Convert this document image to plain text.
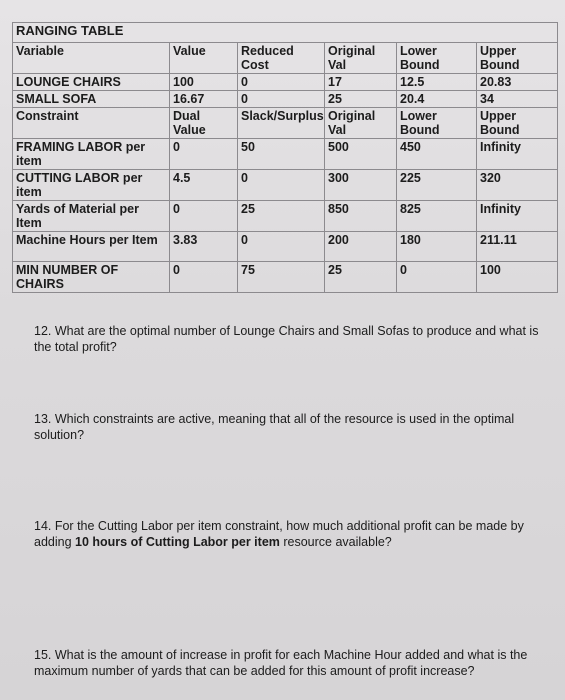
RANGING TABLE					
Variable	Value	Reduced Cost	Original Val	Lower Bound	Upper Bound
LOUNGE CHAIRS	100	0	17	12.5	20.83
SMALL SOFA	16.67	0	25	20.4	34
Constraint	Dual Value	Slack/Surplus	Original Val	Lower Bound	Upper Bound
FRAMING LABOR per item	0	50	500	450	Infinity
CUTTING LABOR per item	4.5	0	300	225	320
Yards of Material per Item	0	25	850	825	Infinity
Machine Hours per Item	3.83	0	200	180	211.11
MIN NUMBER OF CHAIRS	0	75	25	0	100
12. What are the optimal number of Lounge Chairs and Small Sofas to produce and what is the total profit?
13. Which constraints are active, meaning that all of the resource is used in the optimal solution?
14. For the Cutting Labor per item constraint, how much additional profit can be made by adding 10 hours of Cutting Labor per item resource available?
15. What is the amount of increase in profit for each Machine Hour added and what is the maximum number of yards that can be added for this amount of profit increase?
